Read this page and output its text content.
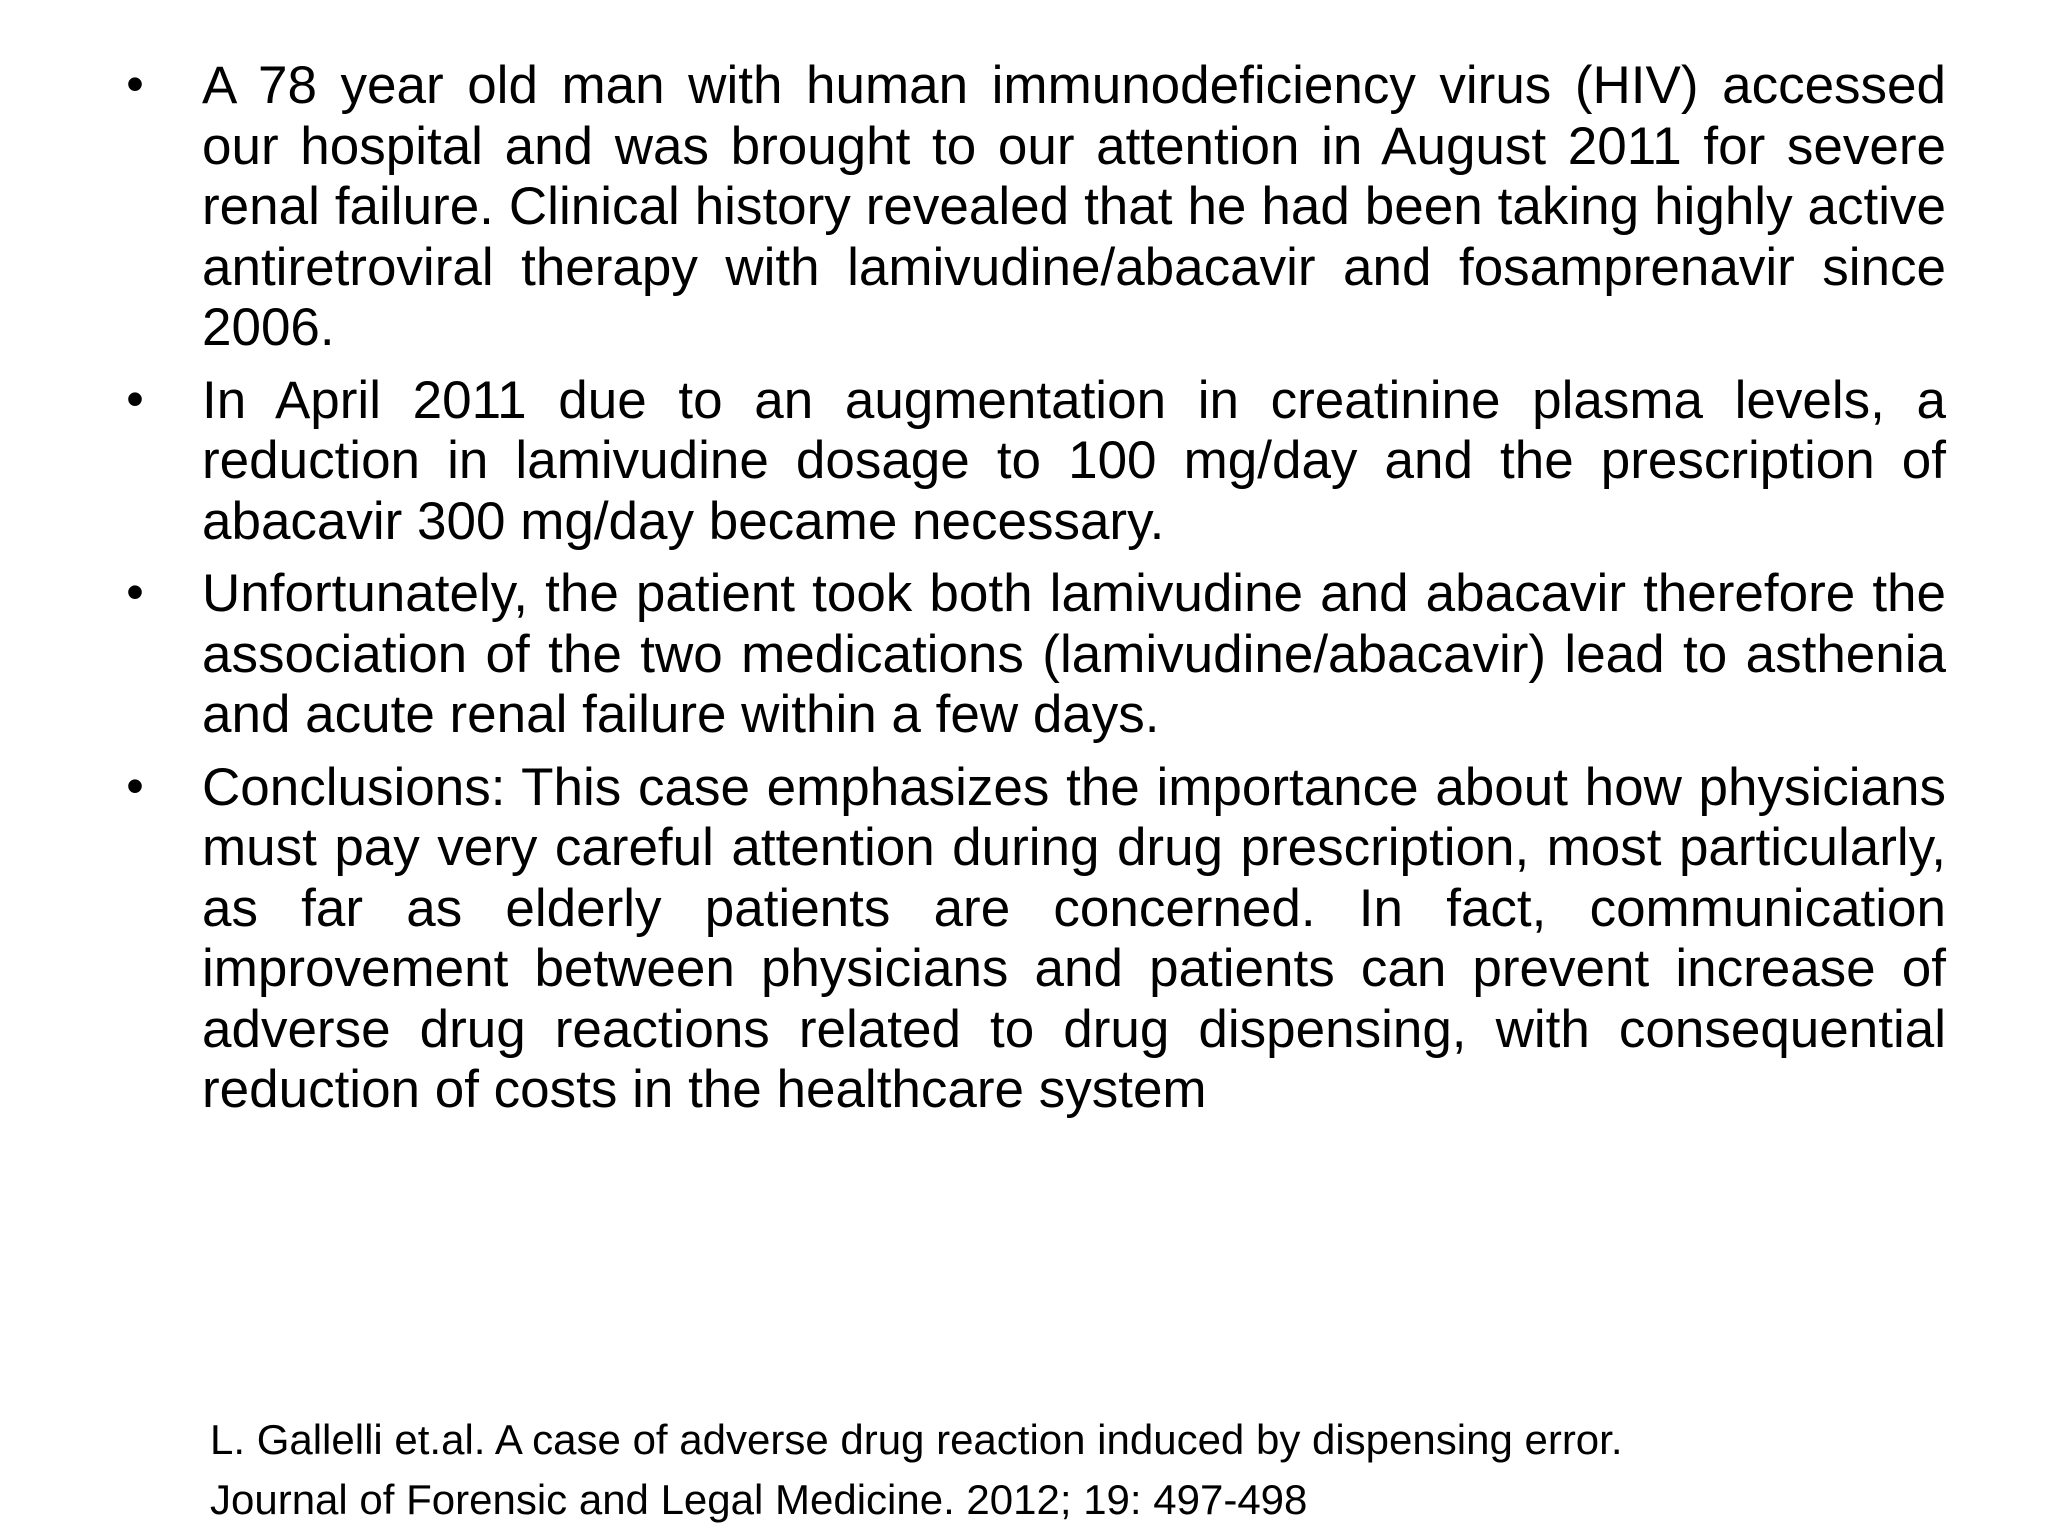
• A 78 year old man with human immunodeficiency virus (HIV) accessed our hospital and was brought to our attention in August 2011 for severe renal failure. Clinical history revealed that he had been taking highly active antiretroviral therapy with lamivudine/abacavir and fosamprenavir since 2006.
• In April 2011 due to an augmentation in creatinine plasma levels, a reduction in lamivudine dosage to 100 mg/day and the prescription of abacavir 300 mg/day became necessary.
• Unfortunately, the patient took both lamivudine and abacavir therefore the association of the two medications (lamivudine/abacavir) lead to asthenia and acute renal failure within a few days.
• Conclusions: This case emphasizes the importance about how physicians must pay very careful attention during drug prescription, most particularly, as far as elderly patients are concerned. In fact, communication improvement between physicians and patients can prevent increase of adverse drug reactions related to drug dispensing, with consequential reduction of costs in the healthcare system
L. Gallelli et.al. A case of adverse drug reaction induced by dispensing error.
Journal of Forensic and Legal Medicine. 2012; 19: 497-498
